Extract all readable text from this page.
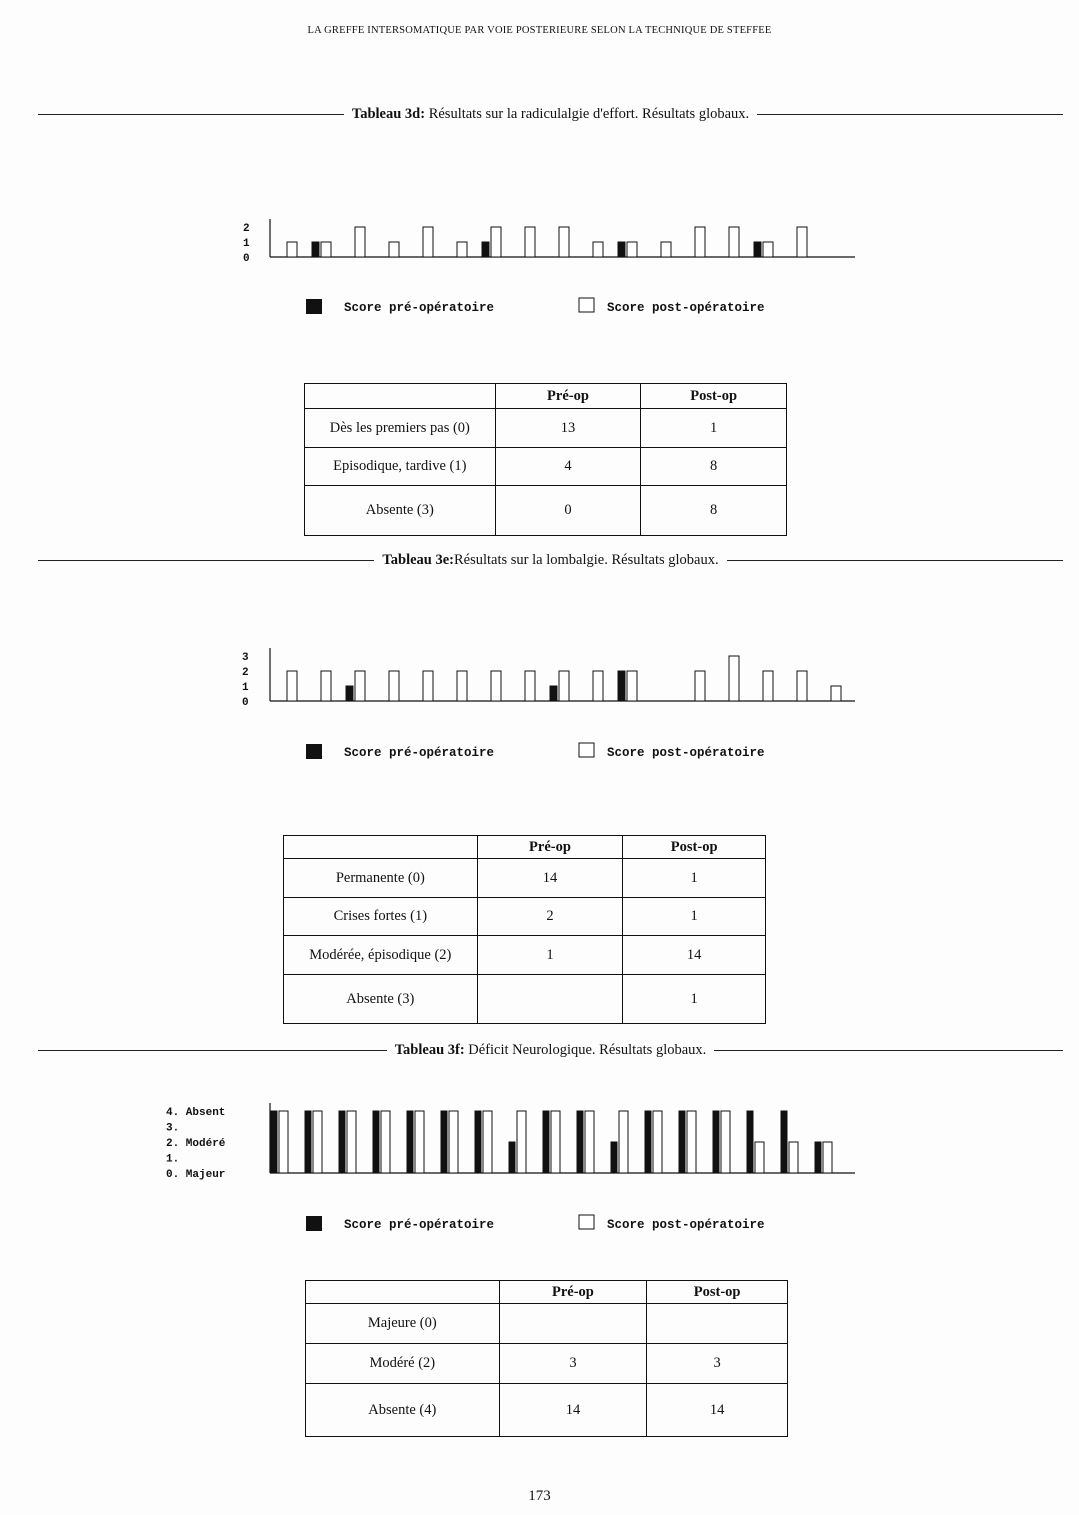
LA GREFFE INTERSOMATIQUE PAR VOIE POSTERIEURE SELON LA TECHNIQUE DE STEFFEE
Tableau 3d: Résultats sur la radiculalgie d'effort. Résultats globaux.
0
1
2
Score pré-opératoire	Score post-opératoire
	Pré-op	Post-op
Dès les premiers pas (0)	13	1
Episodique, tardive (1)	4	8
Absente (3)	0	8
Tableau 3e:Résultats sur la lombalgie. Résultats globaux.
0
1
2
3
Score pré-opératoire	Score post-opératoire
	Pré-op	Post-op
Permanente (0)	14	1
Crises fortes (1)	2	1
Modérée, épisodique (2)	1	14
Absente (3)		1
Tableau 3f: Déficit Neurologique. Résultats globaux.
0. Majeur
1.
2. Modéré
3.
4. Absent
Score pré-opératoire	Score post-opératoire
	Pré-op	Post-op
Majeure (0)		
Modéré (2)	3	3
Absente (4)	14	14
173
